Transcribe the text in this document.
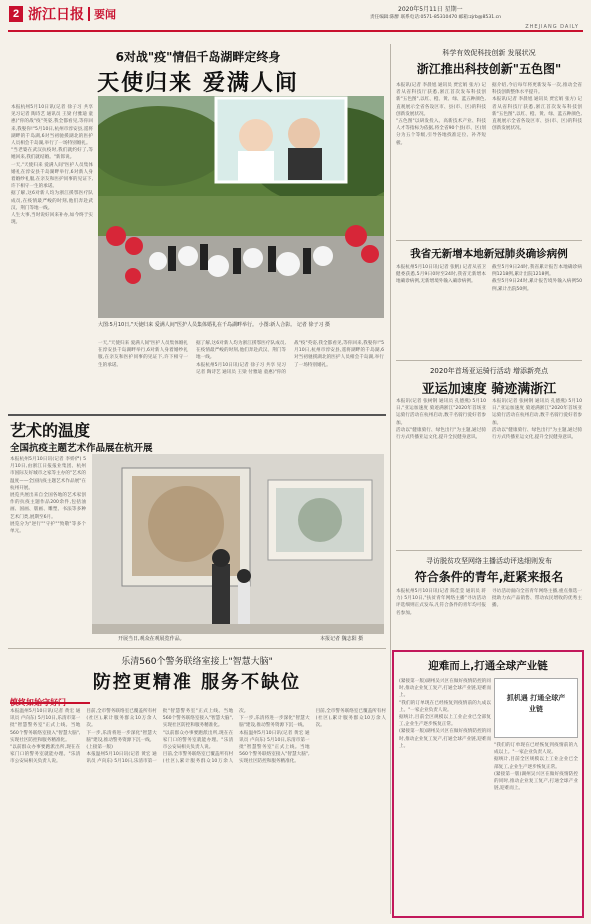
2 浙江日报 要闻	2020年5月11日 星期一
责任编辑:陈醉 联系电话:0571-85310470 邮箱:zjrb@8531.cn
ZHEJIANG DAILY
6对战"疫"情侣千岛湖畔定终身
天使归来 爱满人间
本报杭州5月10日讯(记者 徐子习 共享 见习记者 陶诗艺 通讯员 王梁 付雅迪 童惠)"你的战"疫"英姿,我全都看见,等你回来,我娶你!"5月10日,杭州市淳安县,遥将湖畔的千岛湖,6对当初驰援湖北的医护人员相会千岛湖,举行了一场特别婚礼。
"当老婆在武汉抗疫时,我们就约好了,等她回来,我们就结婚。"新郎说。
一天,"天使归来 爱满人间"医护人员集体婚礼在淳安县千岛湖畔举行,6对新人身着婚纱礼服,在亲友和医护同事的见证下,许下相守一生的承诺。
据了解,这6对新人均为浙江援鄂医疗队成员,在疫情最严峻的时刻,他们奔赴武汉、荆门等地一线。
人生大事,当时说好回来补办,如今终于实现。
大图:5月10日,"天使归来 爱满人间"医护人员集体婚礼在千岛湖畔举行。 小图:新人合影。 记者 徐子习 摄
一天,"天使归来 爱满人间"医护人员集体婚礼在淳安县千岛湖畔举行,6对新人身着婚纱礼服,在亲友和医护同事的见证下,许下相守一生的承诺。
据了解,这6对新人均为浙江援鄂医疗队成员,在疫情最严峻的时刻,他们奔赴武汉、荆门等地一线。
本报杭州5月10日讯(记者 徐子习 共享 见习记者 陶诗艺 通讯员 王梁 付雅迪 童惠)"你的战"疫"英姿,我全都看见,等你回来,我娶你!"5月10日,杭州市淳安县,遥将湖畔的千岛湖,6对当初驰援湖北的医护人员相会千岛湖,举行了一场特别婚礼。
科学有效促科技创新 发展状况
浙江推出科技创新"五色图"
本报讯(记者 李晨旭 通讯员 贾宏娟 张方) 记者从省科技厅获悉,浙江首次发布科技创新"五色图",以红、橙、黄、绿、蓝五种颜色,直观展示全省各设区市、县(市、区)的科技创新发展状况。
"五色图"以研发投入、高新技术产业、科技人才等指标为依据,将全省90个县(市、区)划分为五个等级,引导各地找准定位、补齐短板。
据介绍,今后每年将更新发布一次,推动全省科技创新整体水平提升。
本报讯(记者 李晨旭 通讯员 贾宏娟 张方) 记者从省科技厅获悉,浙江首次发布科技创新"五色图",以红、橙、黄、绿、蓝五种颜色,直观展示全省各设区市、县(市、区)的科技创新发展状况。
我省无新增本地新冠肺炎确诊病例
本报杭州5月10日讯(记者 张帆) 记者从省卫健委获悉,5月9日0时至24时,我省无新增本地确诊病例,无新增境外输入确诊病例。
截至5月9日24时,我省累计报告本地确诊病例1218例,累计出院1218例。
截至5月9日24时,累计报告境外输入病例50例,累计出院50例。
2020年首场亚运骑行活动 增添新亮点
亚运加速度 骑迹满浙江
本报讯(记者 张树钢 通讯员 孔德燕) 5月10日,"亚运加速度 骑迹满浙江"2020年首场亚运骑行活动在杭州启动,数千名骑行爱好者参加。
活动以"健康骑行、绿色出行"为主题,通过骑行方式传播亚运文化,提升全民健身意识。
本报讯(记者 张树钢 通讯员 孔德燕) 5月10日,"亚运加速度 骑迹满浙江"2020年首场亚运骑行活动在杭州启动,数千名骑行爱好者参加。
活动以"健康骑行、绿色出行"为主题,通过骑行方式传播亚运文化,提升全民健身意识。
寻访脱贫攻坚网络主播活动评选细则发布
符合条件的青年,赶紧来报名
本报杭州5月10日讯(记者 陈佳莹 通讯员 蒋力) 5月10日,"扶贫青年网络主播"寻访活动评选细则正式发布,凡符合条件的青年均可报名参加。
寻访活动面向全省青年网络主播,重点推选一批助力农产品销售、带动农民增收的优秀主播。
迎难而上,打通全球产业链
(紧接第一版)湖州吴兴区在做好疫情防控的同时,推动企业复工复产,打通全球产业链,迎难而上。
"我们的订单现在已经恢复到疫情前的九成以上。"一家企业负责人说。
据统计,目前全区规模以上工业企业已全部复工,企业生产逐步恢复正常。
(紧接第一版)湖州吴兴区在做好疫情防控的同时,推动企业复工复产,打通全球产业链,迎难而上。
抓机遇 打通全球产业链
"我们的订单现在已经恢复到疫情前的九成以上。"一家企业负责人说。
据统计,目前全区规模以上工业企业已全部复工,企业生产逐步恢复正常。
(紧接第一版)湖州吴兴区在做好疫情防控的同时,推动企业复工复产,打通全球产业链,迎难而上。
艺术的温度
全国抗疫主题艺术作品展在杭开展
本报杭州5月10日讯(记者 李娇俨) 5月10日,由浙江日报报业集团、杭州市国际友好城市之家等主办的"艺术的温度——全国抗疫主题艺术作品展"在杭州开展。
展览共展出来自全国各地的艺术家创作的抗疫主题作品200余件,包括油画、国画、版画、雕塑、书法等多种艺术门类,展期至6月。
展览分为"逆行""守护""致敬"等多个单元。
开展当日,观众在观展览作品。	本报记者 魏志阳 摄
乐清560个警务联络室接上"智慧大脑"
防控更精准 服务不缺位
慎终如始守好门
本报温州5月10日讯(记者 黄宏 通讯员 卢向东) 5月10日,乐清市第一批"智慧警务室"正式上线。当地560个警务联络室接入"智慧大脑",实现社区防控和服务精准化。
"以前群众办事要跑派出所,现在在家门口的警务室就能办理。"乐清市公安局相关负责人说。
目前,全市警务联络室已覆盖所有村(社区),累计服务群众10万余人次。
下一步,乐清将进一步深化"智慧大脑"建设,推动警务资源下沉一线。
(上接第一版)
本报温州5月10日讯(记者 黄宏 通讯员 卢向东) 5月10日,乐清市第一批"智慧警务室"正式上线。当地560个警务联络室接入"智慧大脑",实现社区防控和服务精准化。
"以前群众办事要跑派出所,现在在家门口的警务室就能办理。"乐清市公安局相关负责人说。
目前,全市警务联络室已覆盖所有村(社区),累计服务群众10万余人次。
下一步,乐清将进一步深化"智慧大脑"建设,推动警务资源下沉一线。
本报温州5月10日讯(记者 黄宏 通讯员 卢向东) 5月10日,乐清市第一批"智慧警务室"正式上线。当地560个警务联络室接入"智慧大脑",实现社区防控和服务精准化。
目前,全市警务联络室已覆盖所有村(社区),累计服务群众10万余人次。
